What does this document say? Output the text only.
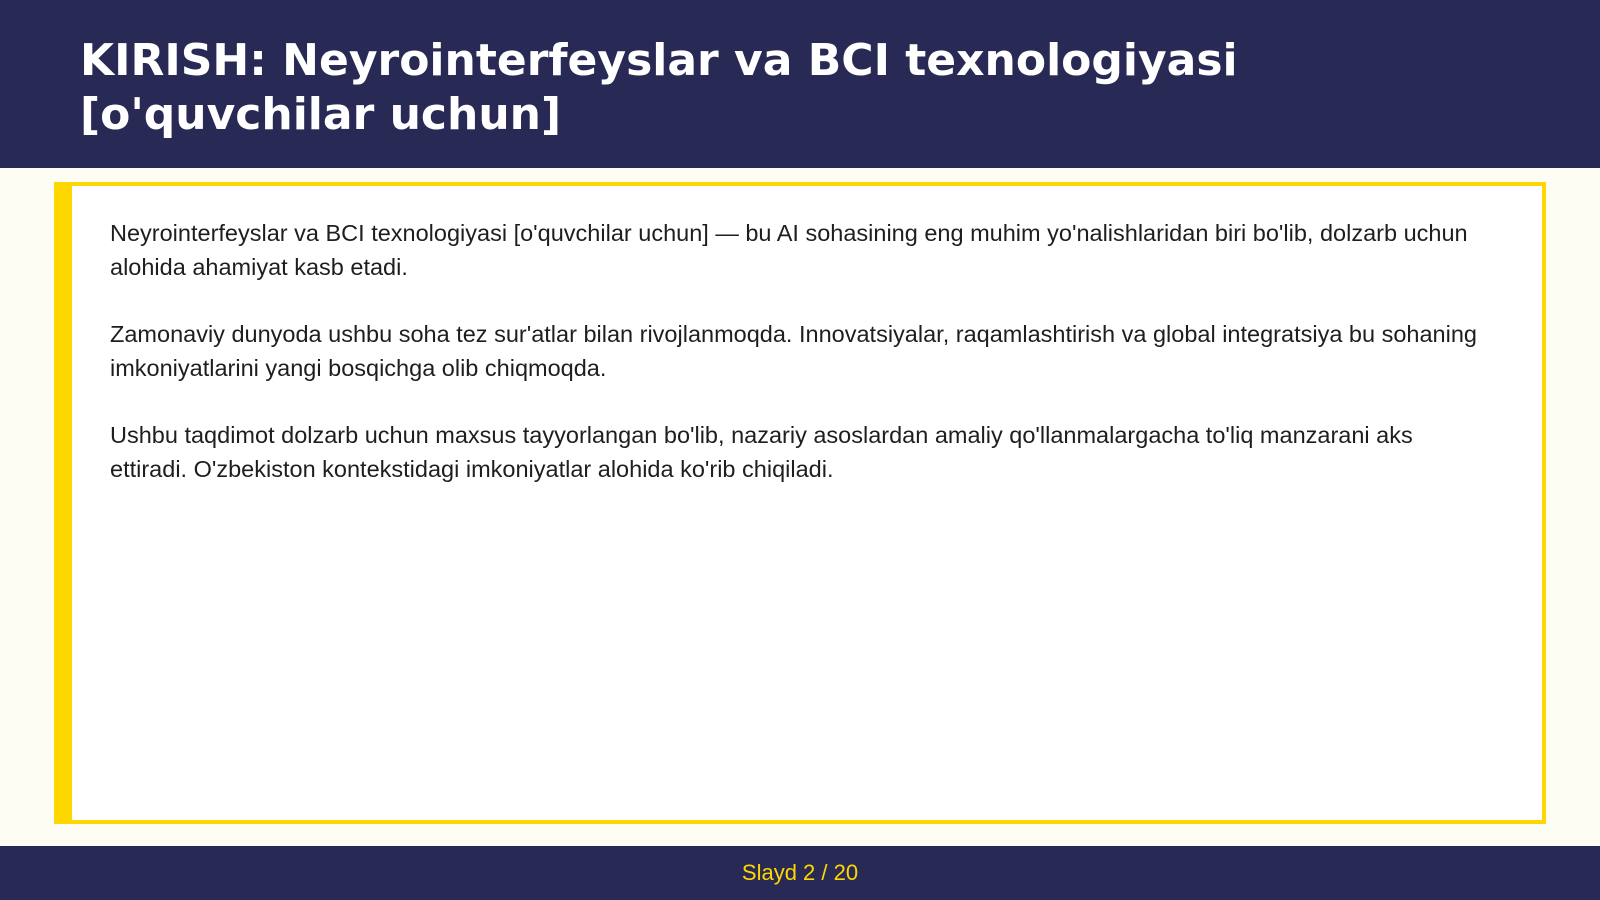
KIRISH: Neyrointerfeyslar va BCI texnologiyasi [o'quvchilar uchun]

Neyrointerfeyslar va BCI texnologiyasi [o'quvchilar uchun] — bu AI sohasining eng muhim yo'nalishlaridan biri bo'lib, dolzarb uchun alohida ahamiyat kasb etadi.

Zamonaviy dunyoda ushbu soha tez sur'atlar bilan rivojlanmoqda. Innovatsiyalar, raqamlashtirish va global integratsiya bu sohaning imkoniyatlarini yangi bosqichga olib chiqmoqda.

Ushbu taqdimot dolzarb uchun maxsus tayyorlangan bo'lib, nazariy asoslardan amaliy qo'llanmalargacha to'liq manzarani aks ettiradi. O'zbekiston kontekstidagi imkoniyatlar alohida ko'rib chiqiladi.

Slayd 2 / 20
